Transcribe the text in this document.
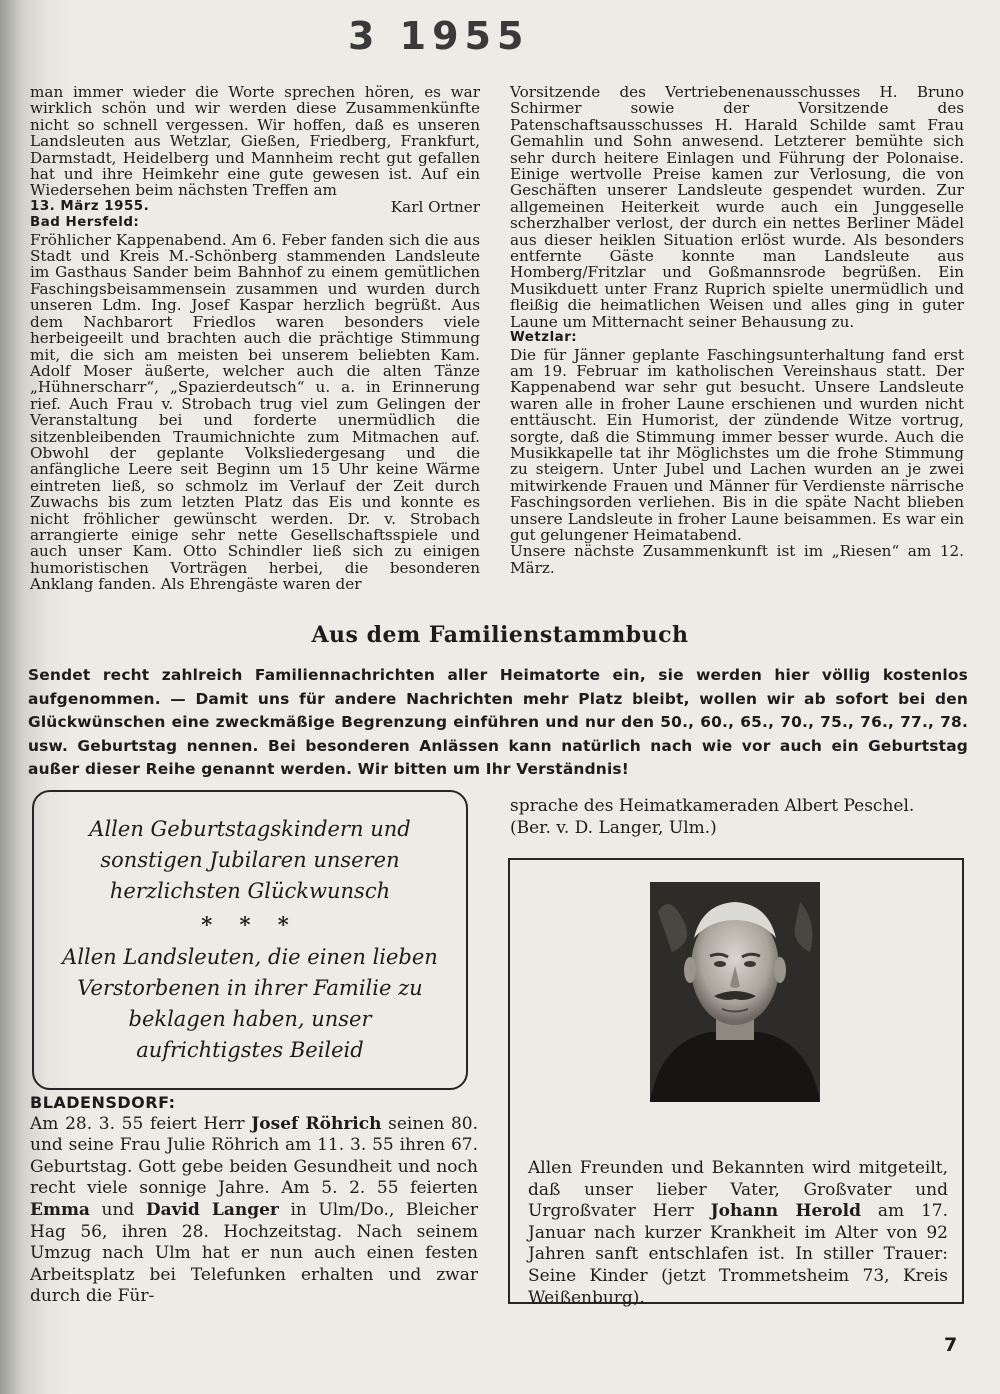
3 1955

man immer wieder die Worte sprechen hören, es war wirklich schön und wir werden diese Zusammenkünfte nicht so schnell vergessen. Wir hoffen, daß es unseren Landsleuten aus Wetzlar, Gießen, Friedberg, Frankfurt, Darmstadt, Heidelberg und Mannheim recht gut gefallen hat und ihre Heimkehr eine gute gewesen ist. Auf ein Wiedersehen beim nächsten Treffen am

13. März 1955.	Karl Ortner

Bad Hersfeld:

Fröhlicher Kappenabend. Am 6. Feber fanden sich die aus Stadt und Kreis M.-Schönberg stammenden Landsleute im Gasthaus Sander beim Bahnhof zu einem gemütlichen Faschingsbeisammensein zusammen und wurden durch unseren Ldm. Ing. Josef Kaspar herzlich begrüßt. Aus dem Nachbarort Friedlos waren besonders viele herbeigeeilt und brachten auch die prächtige Stimmung mit, die sich am meisten bei unserem beliebten Kam. Adolf Moser äußerte, welcher auch die alten Tänze „Hühnerscharr“, „Spazierdeutsch“ u. a. in Erinnerung rief. Auch Frau v. Strobach trug viel zum Gelingen der Veranstaltung bei und forderte unermüdlich die sitzenbleibenden Traumichnichte zum Mitmachen auf. Obwohl der geplante Volksliedergesang und die anfängliche Leere seit Beginn um 15 Uhr keine Wärme eintreten ließ, so schmolz im Verlauf der Zeit durch Zuwachs bis zum letzten Platz das Eis und konnte es nicht fröhlicher gewünscht werden. Dr. v. Strobach arrangierte einige sehr nette Gesellschaftsspiele und auch unser Kam. Otto Schindler ließ sich zu einigen humoristischen Vorträgen herbei, die besonderen Anklang fanden. Als Ehrengäste waren der

Vorsitzende des Vertriebenenausschusses H. Bruno Schirmer sowie der Vorsitzende des Patenschaftsausschusses H. Harald Schilde samt Frau Gemahlin und Sohn anwesend. Letzterer bemühte sich sehr durch heitere Einlagen und Führung der Polonaise. Einige wertvolle Preise kamen zur Verlosung, die von Geschäften unserer Landsleute gespendet wurden. Zur allgemeinen Heiterkeit wurde auch ein Junggeselle scherzhalber verlost, der durch ein nettes Berliner Mädel aus dieser heiklen Situation erlöst wurde. Als besonders entfernte Gäste konnte man Landsleute aus Homberg/Fritzlar und Goßmannsrode begrüßen. Ein Musikduett unter Franz Ruprich spielte unermüdlich und fleißig die heimatlichen Weisen und alles ging in guter Laune um Mitternacht seiner Behausung zu.

Wetzlar:

Die für Jänner geplante Faschingsunterhaltung fand erst am 19. Februar im katholischen Vereinshaus statt. Der Kappenabend war sehr gut besucht. Unsere Landsleute waren alle in froher Laune erschienen und wurden nicht enttäuscht. Ein Humorist, der zündende Witze vortrug, sorgte, daß die Stimmung immer besser wurde. Auch die Musikkapelle tat ihr Möglichstes um die frohe Stimmung zu steigern. Unter Jubel und Lachen wurden an je zwei mitwirkende Frauen und Männer für Verdienste närrische Faschingsorden verliehen. Bis in die späte Nacht blieben unsere Landsleute in froher Laune beisammen. Es war ein gut gelungener Heimatabend.

Unsere nächste Zusammenkunft ist im „Riesen“ am 12. März.

Aus dem Familienstammbuch

Sendet recht zahlreich Familiennachrichten aller Heimatorte ein, sie werden hier völlig kostenlos aufgenommen. — Damit uns für andere Nachrichten mehr Platz bleibt, wollen wir ab sofort bei den Glückwünschen eine zweckmäßige Begrenzung einführen und nur den 50., 60., 65., 70., 75., 76., 77., 78. usw. Geburtstag nennen. Bei besonderen Anlässen kann natürlich nach wie vor auch ein Geburtstag außer dieser Reihe genannt werden. Wir bitten um Ihr Verständnis!

Allen Geburtstagskindern und sonstigen Jubilaren unseren herzlichsten Glückwunsch

* * *

Allen Landsleuten, die einen lieben Verstorbenen in ihrer Familie zu beklagen haben, unser aufrichtigstes Beileid

BLADENSDORF:

Am 28. 3. 55 feiert Herr Josef Röhrich seinen 80. und seine Frau Julie Röhrich am 11. 3. 55 ihren 67. Geburtstag. Gott gebe beiden Gesundheit und noch recht viele sonnige Jahre. Am 5. 2. 55 feierten Emma und David Langer in Ulm/Do., Bleicher Hag 56, ihren 28. Hochzeitstag. Nach seinem Umzug nach Ulm hat er nun auch einen festen Arbeitsplatz bei Telefunken erhalten und zwar durch die Für-

sprache des Heimatkameraden Albert Peschel.
(Ber. v. D. Langer, Ulm.)

Allen Freunden und Bekannten wird mitgeteilt, daß unser lieber Vater, Großvater und Urgroßvater Herr Johann Herold am 17. Januar nach kurzer Krankheit im Alter von 92 Jahren sanft entschlafen ist. In stiller Trauer: Seine Kinder (jetzt Trommetsheim 73, Kreis Weißenburg).

7
